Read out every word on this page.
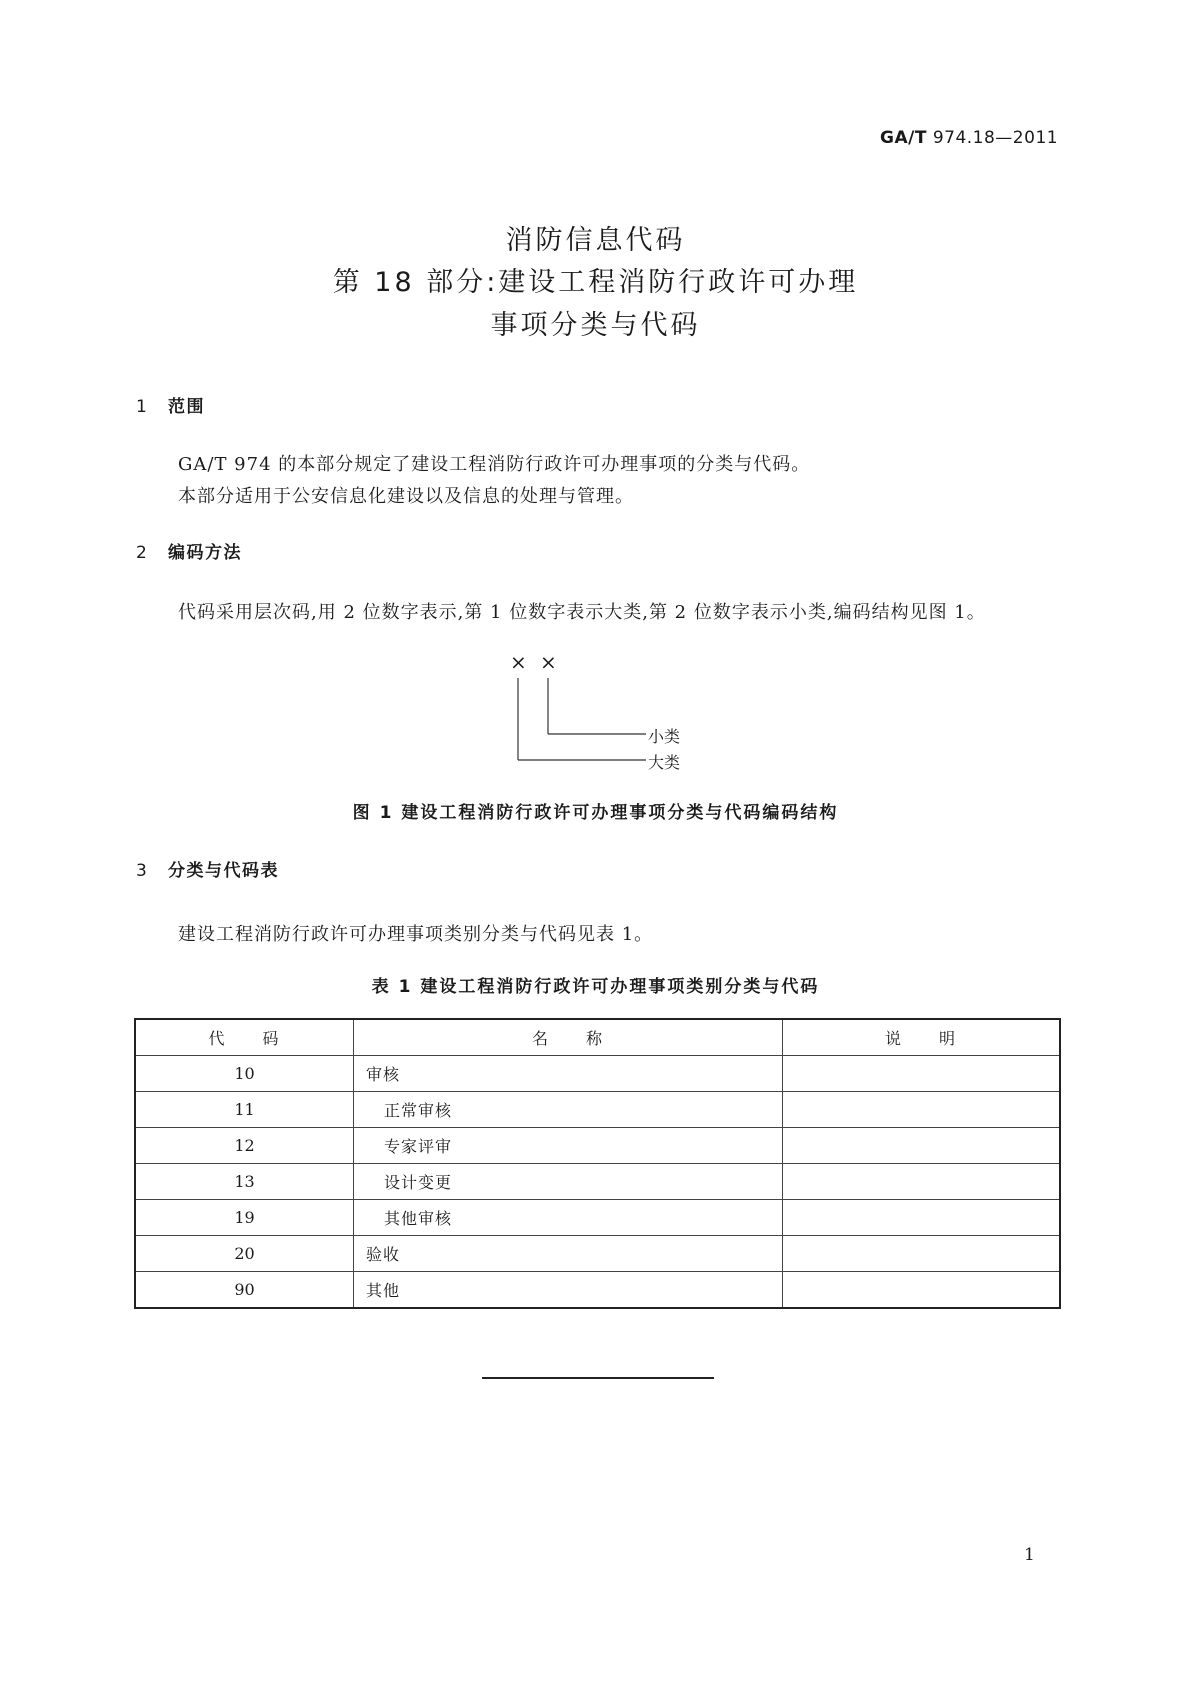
GA/T 974.18—2011
消防信息代码
第 18 部分:建设工程消防行政许可办理
事项分类与代码
1 范围
GA/T 974 的本部分规定了建设工程消防行政许可办理事项的分类与代码。
本部分适用于公安信息化建设以及信息的处理与管理。
2 编码方法
代码采用层次码,用 2 位数字表示,第 1 位数字表示大类,第 2 位数字表示小类,编码结构见图 1。
× ×
小类
大类
图 1 建设工程消防行政许可办理事项分类与代码编码结构
3 分类与代码表
建设工程消防行政许可办理事项类别分类与代码见表 1。
表 1 建设工程消防行政许可办理事项类别分类与代码
代　　码	名　　称	说　　明
10	审核	
11	正常审核	
12	专家评审	
13	设计变更	
19	其他审核	
20	验收	
90	其他	
1
